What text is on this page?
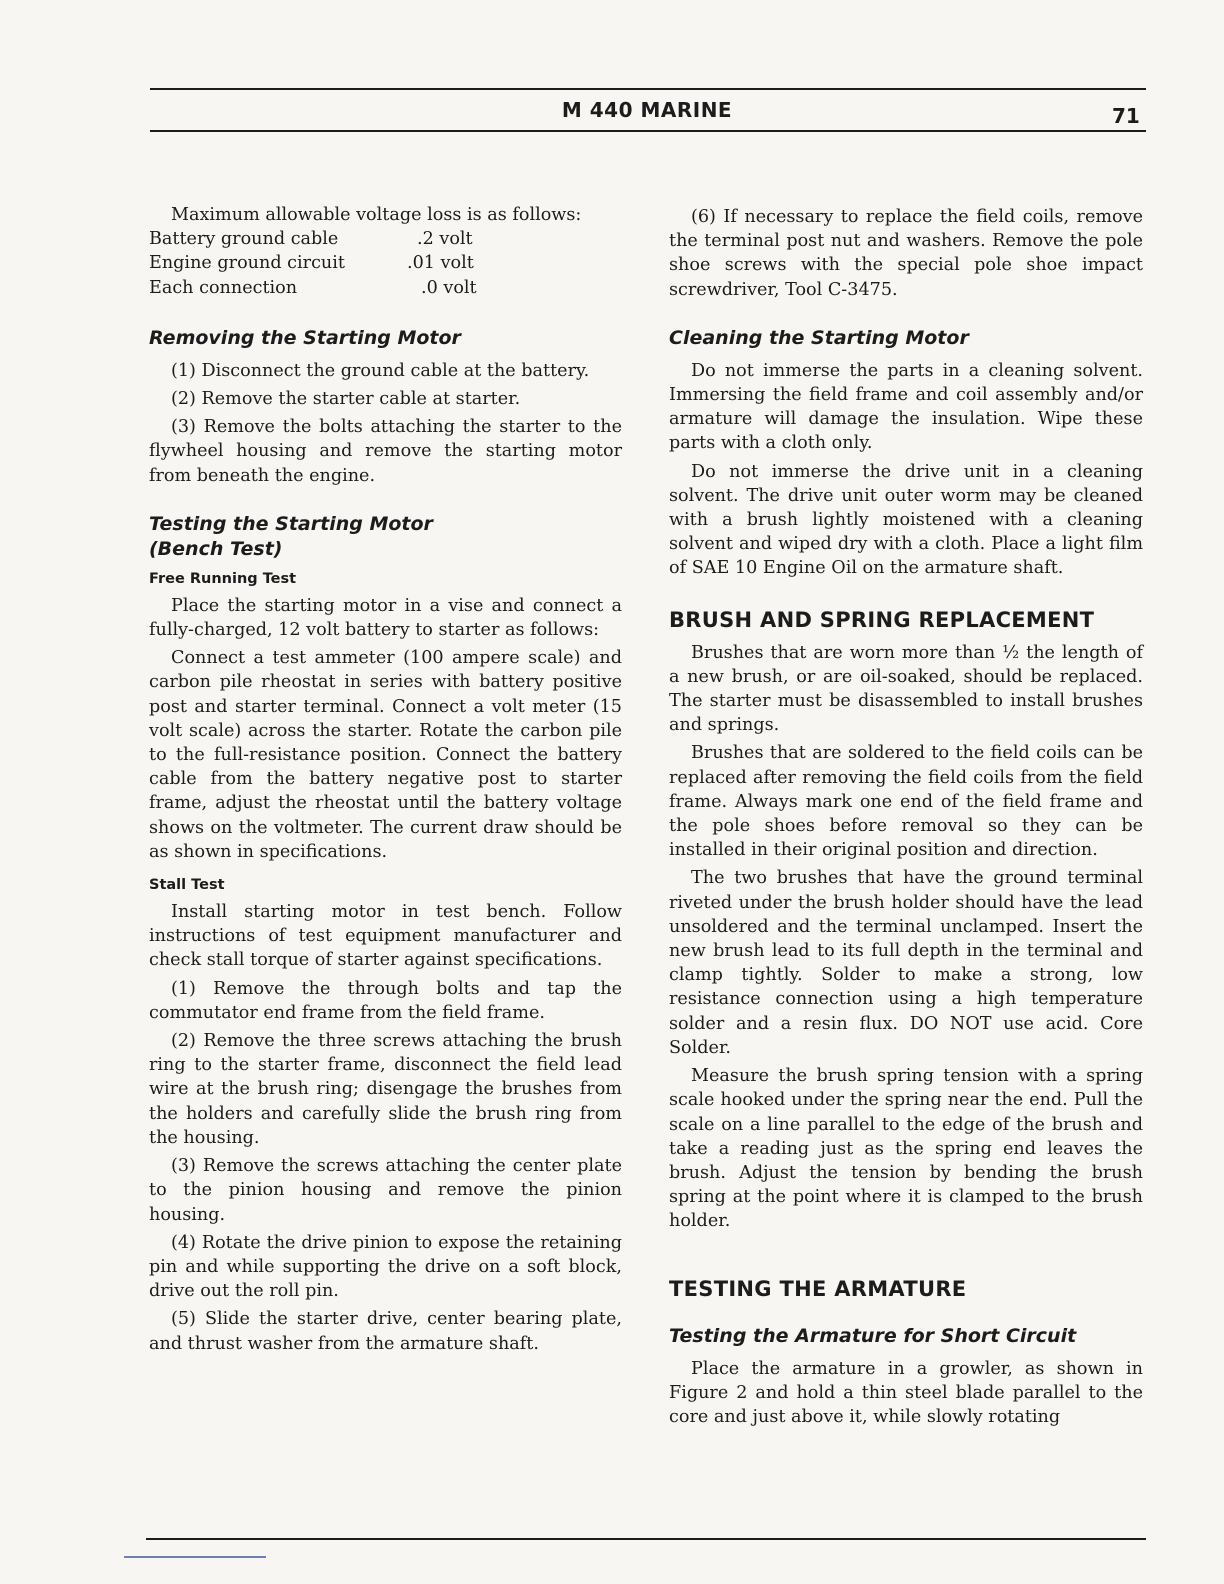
M 440 MARINE	71

Maximum allowable voltage loss is as follows:

Battery ground cable	.2 volt
Engine ground circuit	.01 volt
Each connection	.0 volt
Removing the Starting Motor

(1) Disconnect the ground cable at the battery.

(2) Remove the starter cable at starter.

(3) Remove the bolts attaching the starter to the flywheel housing and remove the starting motor from beneath the engine.

Testing the Starting Motor
(Bench Test)
Free Running Test

Place the starting motor in a vise and connect a fully-charged, 12 volt battery to starter as follows:

Connect a test ammeter (100 ampere scale) and carbon pile rheostat in series with battery positive post and starter terminal. Connect a volt meter (15 volt scale) across the starter. Rotate the carbon pile to the full-resistance position. Connect the battery cable from the battery negative post to starter frame, adjust the rheostat until the battery voltage shows on the voltmeter. The current draw should be as shown in specifications.

Stall Test

Install starting motor in test bench. Follow instructions of test equipment manufacturer and check stall torque of starter against specifications.

(1) Remove the through bolts and tap the commutator end frame from the field frame.

(2) Remove the three screws attaching the brush ring to the starter frame, disconnect the field lead wire at the brush ring; disengage the brushes from the holders and carefully slide the brush ring from the housing.

(3) Remove the screws attaching the center plate to the pinion housing and remove the pinion housing.

(4) Rotate the drive pinion to expose the retaining pin and while supporting the drive on a soft block, drive out the roll pin.

(5) Slide the starter drive, center bearing plate, and thrust washer from the armature shaft.

(6) If necessary to replace the field coils, remove the terminal post nut and washers. Remove the pole shoe screws with the special pole shoe impact screwdriver, Tool C-3475.

Cleaning the Starting Motor

Do not immerse the parts in a cleaning solvent. Immersing the field frame and coil assembly and/or armature will damage the insulation. Wipe these parts with a cloth only.

Do not immerse the drive unit in a cleaning solvent. The drive unit outer worm may be cleaned with a brush lightly moistened with a cleaning solvent and wiped dry with a cloth. Place a light film of SAE 10 Engine Oil on the armature shaft.

BRUSH AND SPRING REPLACEMENT

Brushes that are worn more than ½ the length of a new brush, or are oil-soaked, should be replaced. The starter must be disassembled to install brushes and springs.

Brushes that are soldered to the field coils can be replaced after removing the field coils from the field frame. Always mark one end of the field frame and the pole shoes before removal so they can be installed in their original position and direction.

The two brushes that have the ground terminal riveted under the brush holder should have the lead unsoldered and the terminal unclamped. Insert the new brush lead to its full depth in the terminal and clamp tightly. Solder to make a strong, low resistance connection using a high temperature solder and a resin flux. DO NOT use acid. Core Solder.

Measure the brush spring tension with a spring scale hooked under the spring near the end. Pull the scale on a line parallel to the edge of the brush and take a reading just as the spring end leaves the brush. Adjust the tension by bending the brush spring at the point where it is clamped to the brush holder.

TESTING THE ARMATURE
Testing the Armature for Short Circuit

Place the armature in a growler, as shown in Figure 2 and hold a thin steel blade parallel to the core and just above it, while slowly rotating
